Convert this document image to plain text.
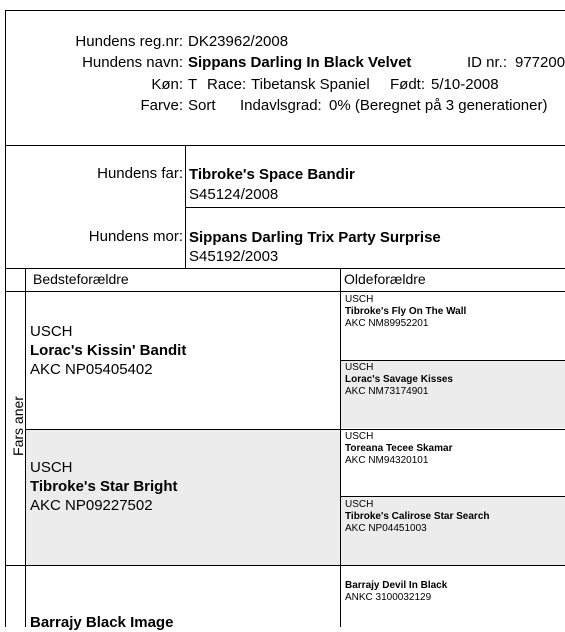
Hundens reg.nr: DK23962/2008
Hundens navn: Sippans Darling In Black Velvet	ID nr.: 977200
Køn: T Race: Tibetansk Spaniel Født: 5/10-2008
Farve: Sort Indavlsgrad: 0% (Beregnet på 3 generationer)
Hundens far: Tibroke's Space Bandir
S45124/2008
Hundens mor: Sippans Darling Trix Party Surprise
S45192/2003
Bedsteforældre	Oldeforældre
Fars aner
USCH
Lorac's Kissin' Bandit
AKC NP05405402
USCH
Tibroke's Star Bright
AKC NP09227502
Barrajy Black Image
USCH
Tibroke's Fly On The Wall
AKC NM89952201
USCH
Lorac's Savage Kisses
AKC NM73174901
USCH
Toreana Tecee Skamar
AKC NM94320101
USCH
Tibroke's Calirose Star Search
AKC NP04451003
Barrajy Devil In Black
ANKC 3100032129
